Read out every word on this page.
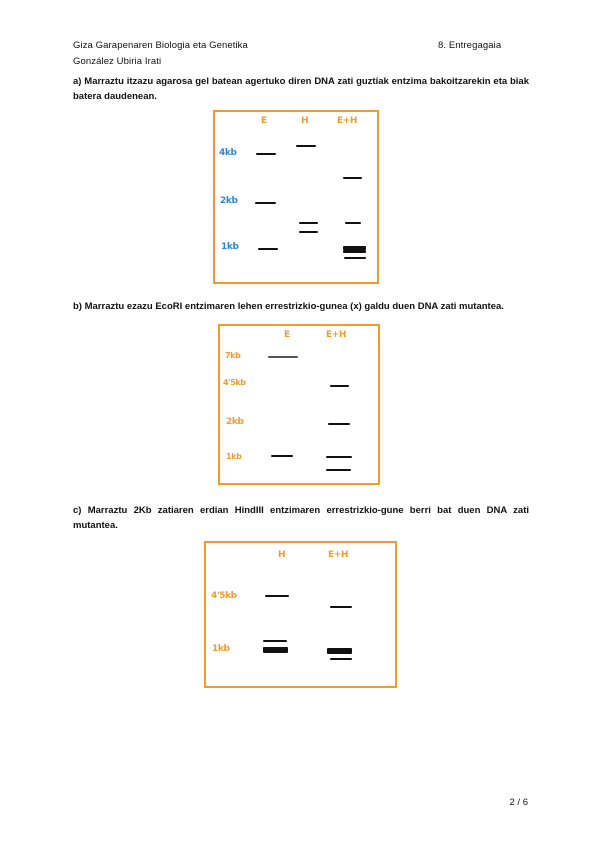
Giza Garapenaren Biologia eta Genetika	8. Entregagaia
González Ubiria Irati
a) Marraztu itzazu agarosa gel batean agertuko diren DNA zati guztiak entzima bakoitzarekin eta biak batera daudenean.
E	H	E+H
4kb
2kb
1kb
b) Marraztu ezazu EcoRI entzimaren lehen errestrizkio-gunea (x) galdu duen DNA zati mutantea.
E	E+H
7kb
4'5kb
2kb
1kb
c) Marraztu 2Kb zatiaren erdian HindIII entzimaren errestrizkio-gune berri bat duen DNA zati mutantea.
H	E+H
4'5kb
1kb
2 / 6
